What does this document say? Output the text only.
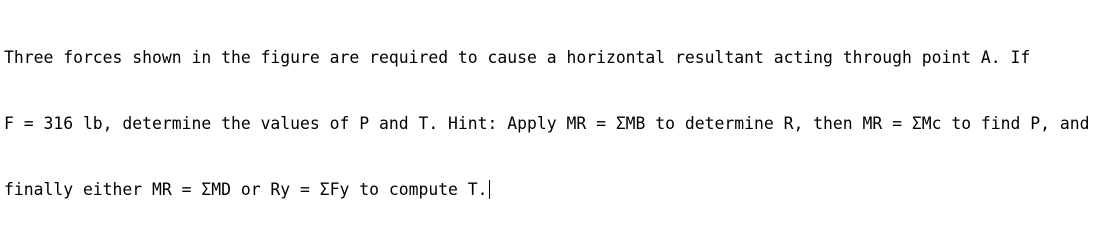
Three forces shown in the figure are required to cause a horizontal resultant acting through point A. If

F = 316 lb, determine the values of P and T. Hint: Apply MR = ΣMB to determine R, then MR = ΣMc to find P, and

finally either MR = ΣMD or Ry = ΣFy to compute T.
